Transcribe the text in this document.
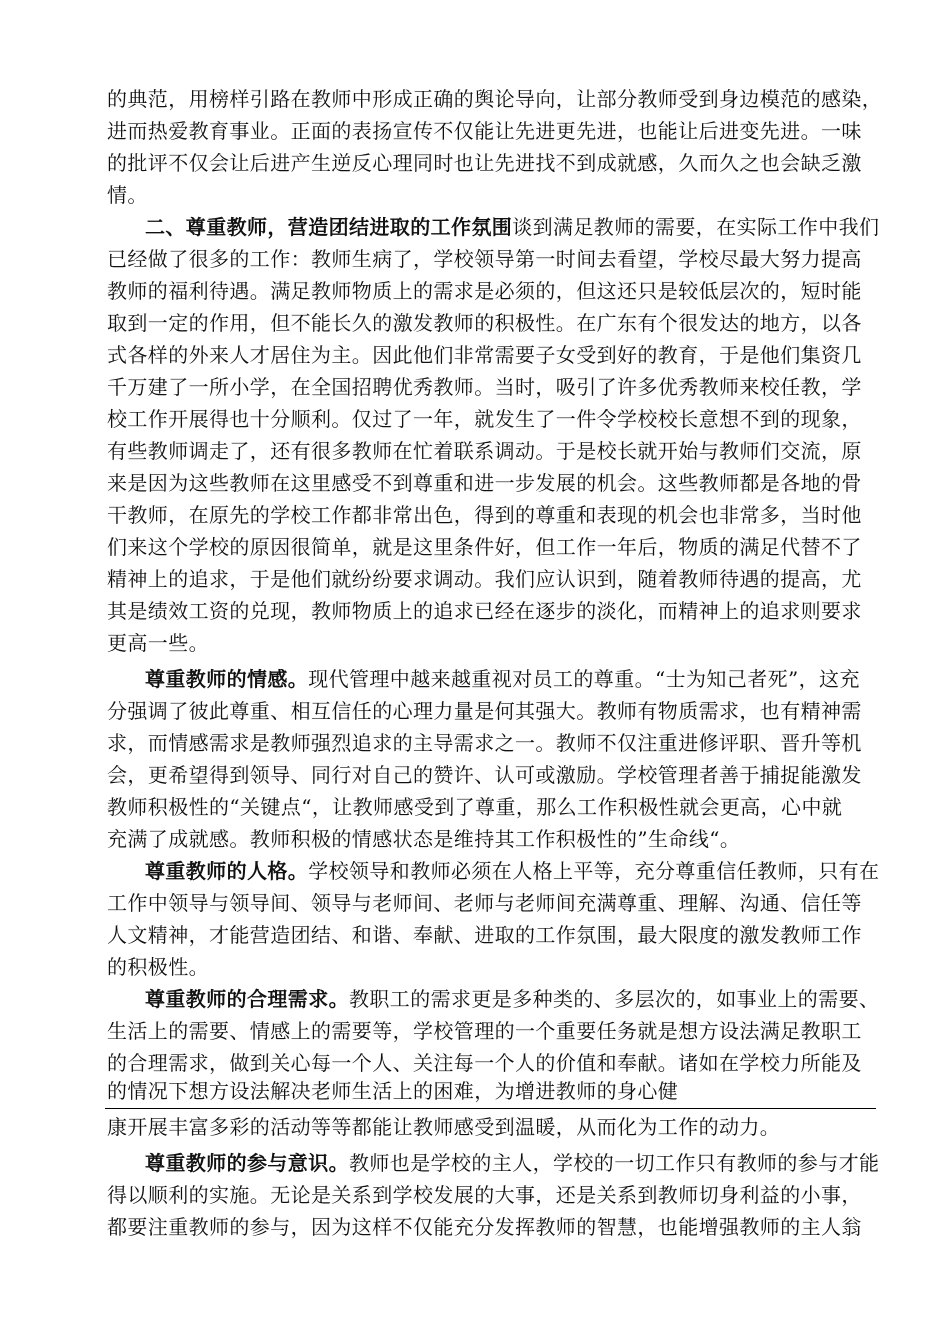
的典范，用榜样引路在教师中形成正确的舆论导向，让部分教师受到身边模范的感染，
进而热爱教育事业。正面的表扬宣传不仅能让先进更先进，也能让后进变先进。一味
的批评不仅会让后进产生逆反心理同时也让先进找不到成就感，久而久之也会缺乏激
情。
二、尊重教师，营造团结进取的工作氛围谈到满足教师的需要，在实际工作中我们
已经做了很多的工作：教师生病了，学校领导第一时间去看望，学校尽最大努力提高
教师的福利待遇。满足教师物质上的需求是必须的，但这还只是较低层次的，短时能
取到一定的作用，但不能长久的激发教师的积极性。在广东有个很发达的地方，以各
式各样的外来人才居住为主。因此他们非常需要子女受到好的教育，于是他们集资几
千万建了一所小学，在全国招聘优秀教师。当时，吸引了许多优秀教师来校任教，学
校工作开展得也十分顺利。仅过了一年，就发生了一件令学校校长意想不到的现象，
有些教师调走了，还有很多教师在忙着联系调动。于是校长就开始与教师们交流，原
来是因为这些教师在这里感受不到尊重和进一步发展的机会。这些教师都是各地的骨
干教师，在原先的学校工作都非常出色，得到的尊重和表现的机会也非常多，当时他
们来这个学校的原因很简单，就是这里条件好，但工作一年后，物质的满足代替不了
精神上的追求，于是他们就纷纷要求调动。我们应认识到，随着教师待遇的提高，尤
其是绩效工资的兑现，教师物质上的追求已经在逐步的淡化，而精神上的追求则要求
更高一些。
尊重教师的情感。现代管理中越来越重视对员工的尊重。“士为知己者死”，这充
分强调了彼此尊重、相互信任的心理力量是何其强大。教师有物质需求，也有精神需
求，而情感需求是教师强烈追求的主导需求之一。教师不仅注重进修评职、晋升等机
会，更希望得到领导、同行对自己的赞许、认可或激励。学校管理者善于捕捉能激发
教师积极性的“关键点“，让教师感受到了尊重，那么工作积极性就会更高，心中就
充满了成就感。教师积极的情感状态是维持其工作积极性的”生命线“。
尊重教师的人格。学校领导和教师必须在人格上平等，充分尊重信任教师，只有在
工作中领导与领导间、领导与老师间、老师与老师间充满尊重、理解、沟通、信任等
人文精神，才能营造团结、和谐、奉献、进取的工作氛围，最大限度的激发教师工作
的积极性。
尊重教师的合理需求。教职工的需求更是多种类的、多层次的，如事业上的需要、
生活上的需要、情感上的需要等，学校管理的一个重要任务就是想方设法满足教职工
的合理需求，做到关心每一个人、关注每一个人的价值和奉献。诸如在学校力所能及
的情况下想方设法解决老师生活上的困难，为增进教师的身心健
康开展丰富多彩的活动等等都能让教师感受到温暖，从而化为工作的动力。
尊重教师的参与意识。教师也是学校的主人，学校的一切工作只有教师的参与才能
得以顺利的实施。无论是关系到学校发展的大事，还是关系到教师切身利益的小事，
都要注重教师的参与，因为这样不仅能充分发挥教师的智慧，也能增强教师的主人翁
